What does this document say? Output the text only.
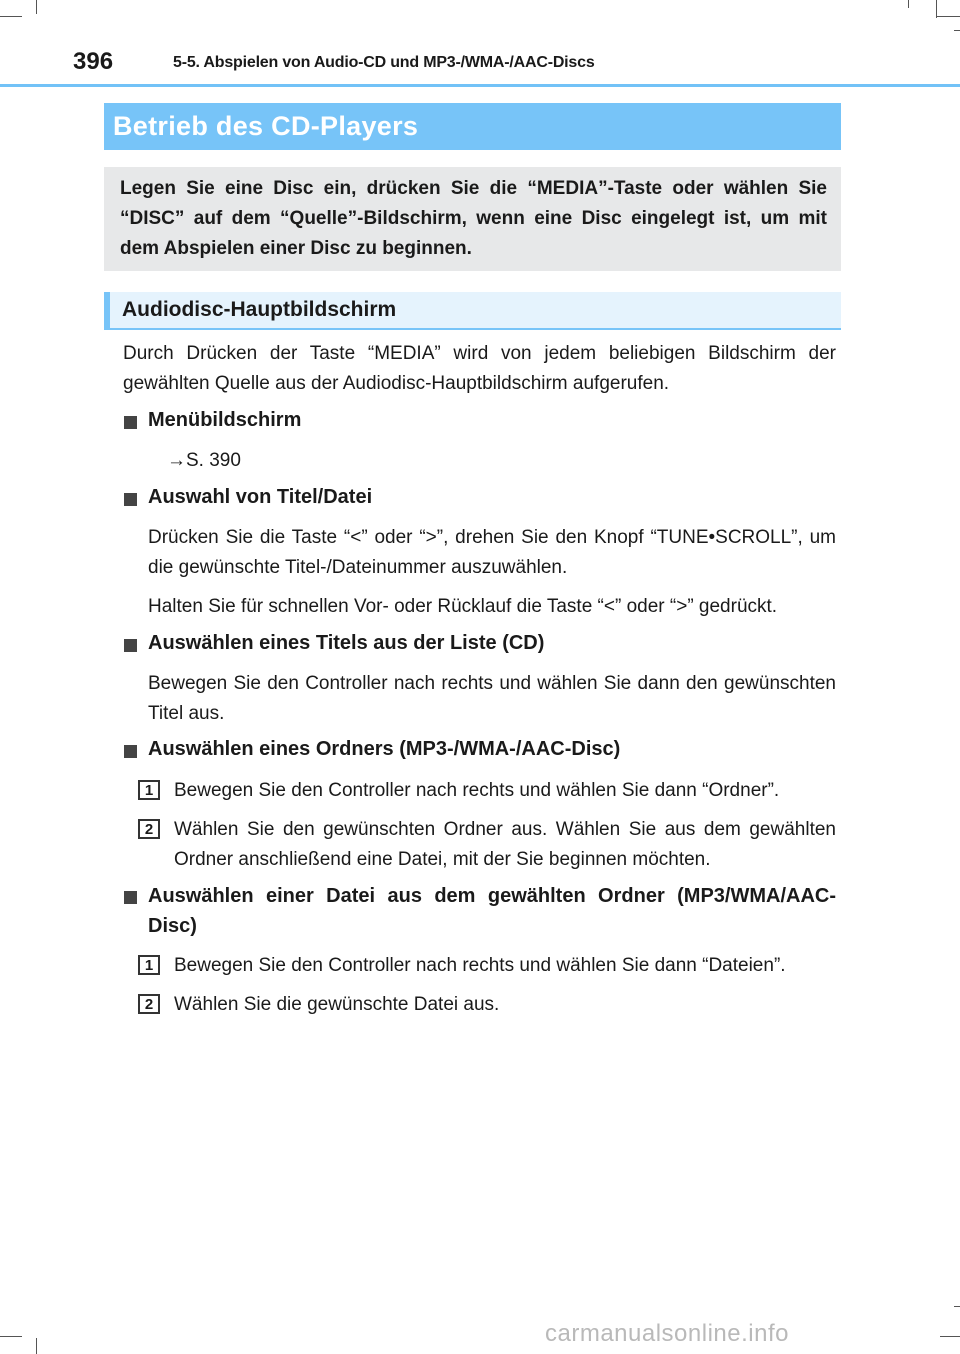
396	5-5. Abspielen von Audio-CD und MP3-/WMA-/AAC-Discs
Betrieb des CD-Players
Legen Sie eine Disc ein, drücken Sie die “MEDIA”-Taste oder wählen Sie “DISC” auf dem “Quelle”-Bildschirm, wenn eine Disc eingelegt ist, um mit dem Abspielen einer Disc zu beginnen.
Audiodisc-Hauptbildschirm
Durch Drücken der Taste “MEDIA” wird von jedem beliebigen Bildschirm der gewählten Quelle aus der Audiodisc-Hauptbildschirm aufgerufen.
Menübildschirm
→S. 390
Auswahl von Titel/Datei
Drücken Sie die Taste “<” oder “>”, drehen Sie den Knopf “TUNE•SCROLL”, um die gewünschte Titel-/Dateinummer auszuwählen.
Halten Sie für schnellen Vor- oder Rücklauf die Taste “<” oder “>” gedrückt.
Auswählen eines Titels aus der Liste (CD)
Bewegen Sie den Controller nach rechts und wählen Sie dann den gewünschten Titel aus.
Auswählen eines Ordners (MP3-/WMA-/AAC-Disc)
1	Bewegen Sie den Controller nach rechts und wählen Sie dann “Ordner”.
2	Wählen Sie den gewünschten Ordner aus. Wählen Sie aus dem gewählten Ordner anschließend eine Datei, mit der Sie beginnen möchten.
Auswählen einer Datei aus dem gewählten Ordner (MP3/WMA/AAC-Disc)
1	Bewegen Sie den Controller nach rechts und wählen Sie dann “Dateien”.
2	Wählen Sie die gewünschte Datei aus.
carmanualsonline.info
